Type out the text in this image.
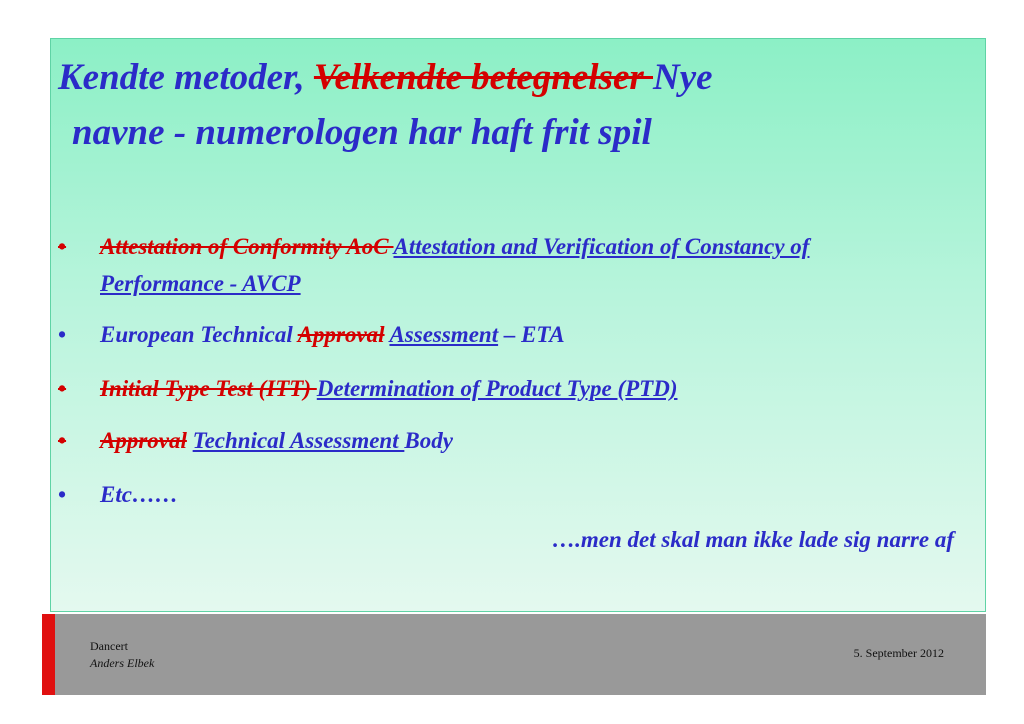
Kendte metoder, Velkendte betegnelser Nye
navne - numerologen har haft frit spil
•	Attestation of Conformity AoC Attestation and Verification of Constancy of Performance - AVCP
•	European Technical Approval Assessment – ETA
•	Initial Type Test (ITT) Determination of Product Type (PTD)
•	Approval Technical Assessment Body
•	Etc……
….men det skal man ikke lade sig narre af
Dancert
Anders Elbek
5. September 2012
